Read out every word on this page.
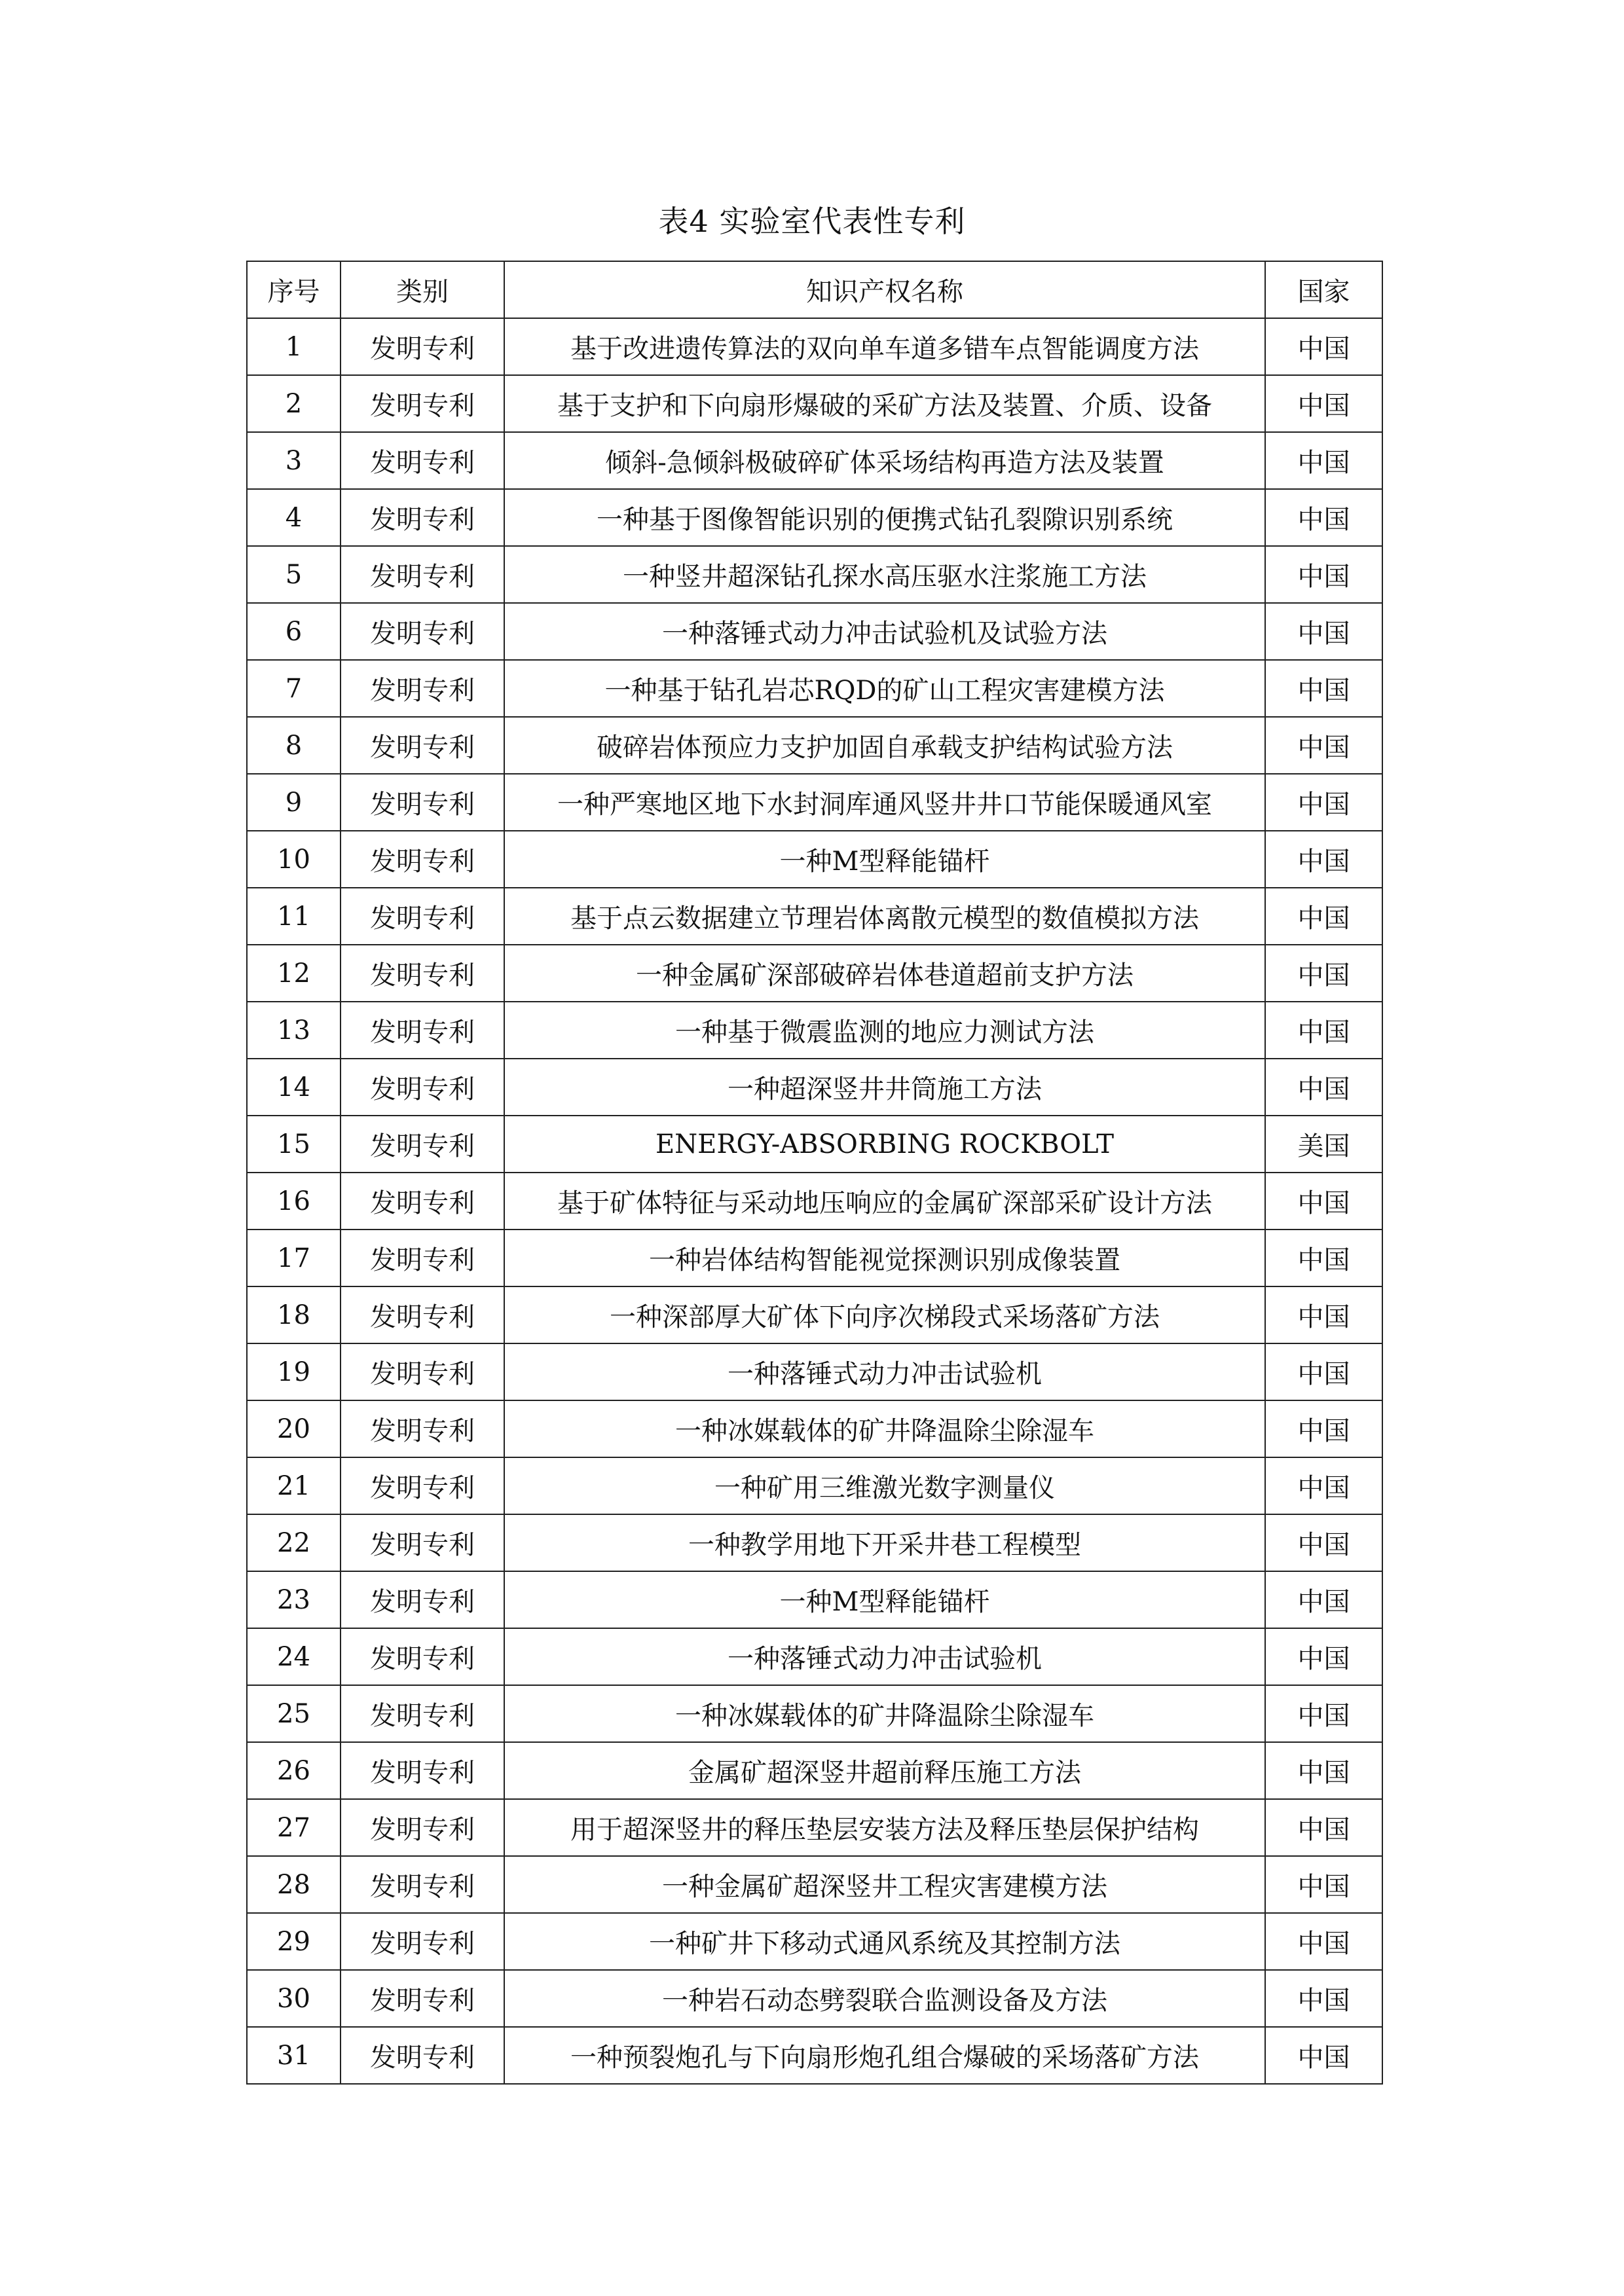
表4 实验室代表性专利
序号	类别	知识产权名称	国家
1	发明专利	基于改进遗传算法的双向单车道多错车点智能调度方法	中国
2	发明专利	基于支护和下向扇形爆破的采矿方法及装置、介质、设备	中国
3	发明专利	倾斜-急倾斜极破碎矿体采场结构再造方法及装置	中国
4	发明专利	一种基于图像智能识别的便携式钻孔裂隙识别系统	中国
5	发明专利	一种竖井超深钻孔探水高压驱水注浆施工方法	中国
6	发明专利	一种落锤式动力冲击试验机及试验方法	中国
7	发明专利	一种基于钻孔岩芯RQD的矿山工程灾害建模方法	中国
8	发明专利	破碎岩体预应力支护加固自承载支护结构试验方法	中国
9	发明专利	一种严寒地区地下水封洞库通风竖井井口节能保暖通风室	中国
10	发明专利	一种M型释能锚杆	中国
11	发明专利	基于点云数据建立节理岩体离散元模型的数值模拟方法	中国
12	发明专利	一种金属矿深部破碎岩体巷道超前支护方法	中国
13	发明专利	一种基于微震监测的地应力测试方法	中国
14	发明专利	一种超深竖井井筒施工方法	中国
15	发明专利	ENERGY-ABSORBING ROCKBOLT	美国
16	发明专利	基于矿体特征与采动地压响应的金属矿深部采矿设计方法	中国
17	发明专利	一种岩体结构智能视觉探测识别成像装置	中国
18	发明专利	一种深部厚大矿体下向序次梯段式采场落矿方法	中国
19	发明专利	一种落锤式动力冲击试验机	中国
20	发明专利	一种冰媒载体的矿井降温除尘除湿车	中国
21	发明专利	一种矿用三维激光数字测量仪	中国
22	发明专利	一种教学用地下开采井巷工程模型	中国
23	发明专利	一种M型释能锚杆	中国
24	发明专利	一种落锤式动力冲击试验机	中国
25	发明专利	一种冰媒载体的矿井降温除尘除湿车	中国
26	发明专利	金属矿超深竖井超前释压施工方法	中国
27	发明专利	用于超深竖井的释压垫层安装方法及释压垫层保护结构	中国
28	发明专利	一种金属矿超深竖井工程灾害建模方法	中国
29	发明专利	一种矿井下移动式通风系统及其控制方法	中国
30	发明专利	一种岩石动态劈裂联合监测设备及方法	中国
31	发明专利	一种预裂炮孔与下向扇形炮孔组合爆破的采场落矿方法	中国
